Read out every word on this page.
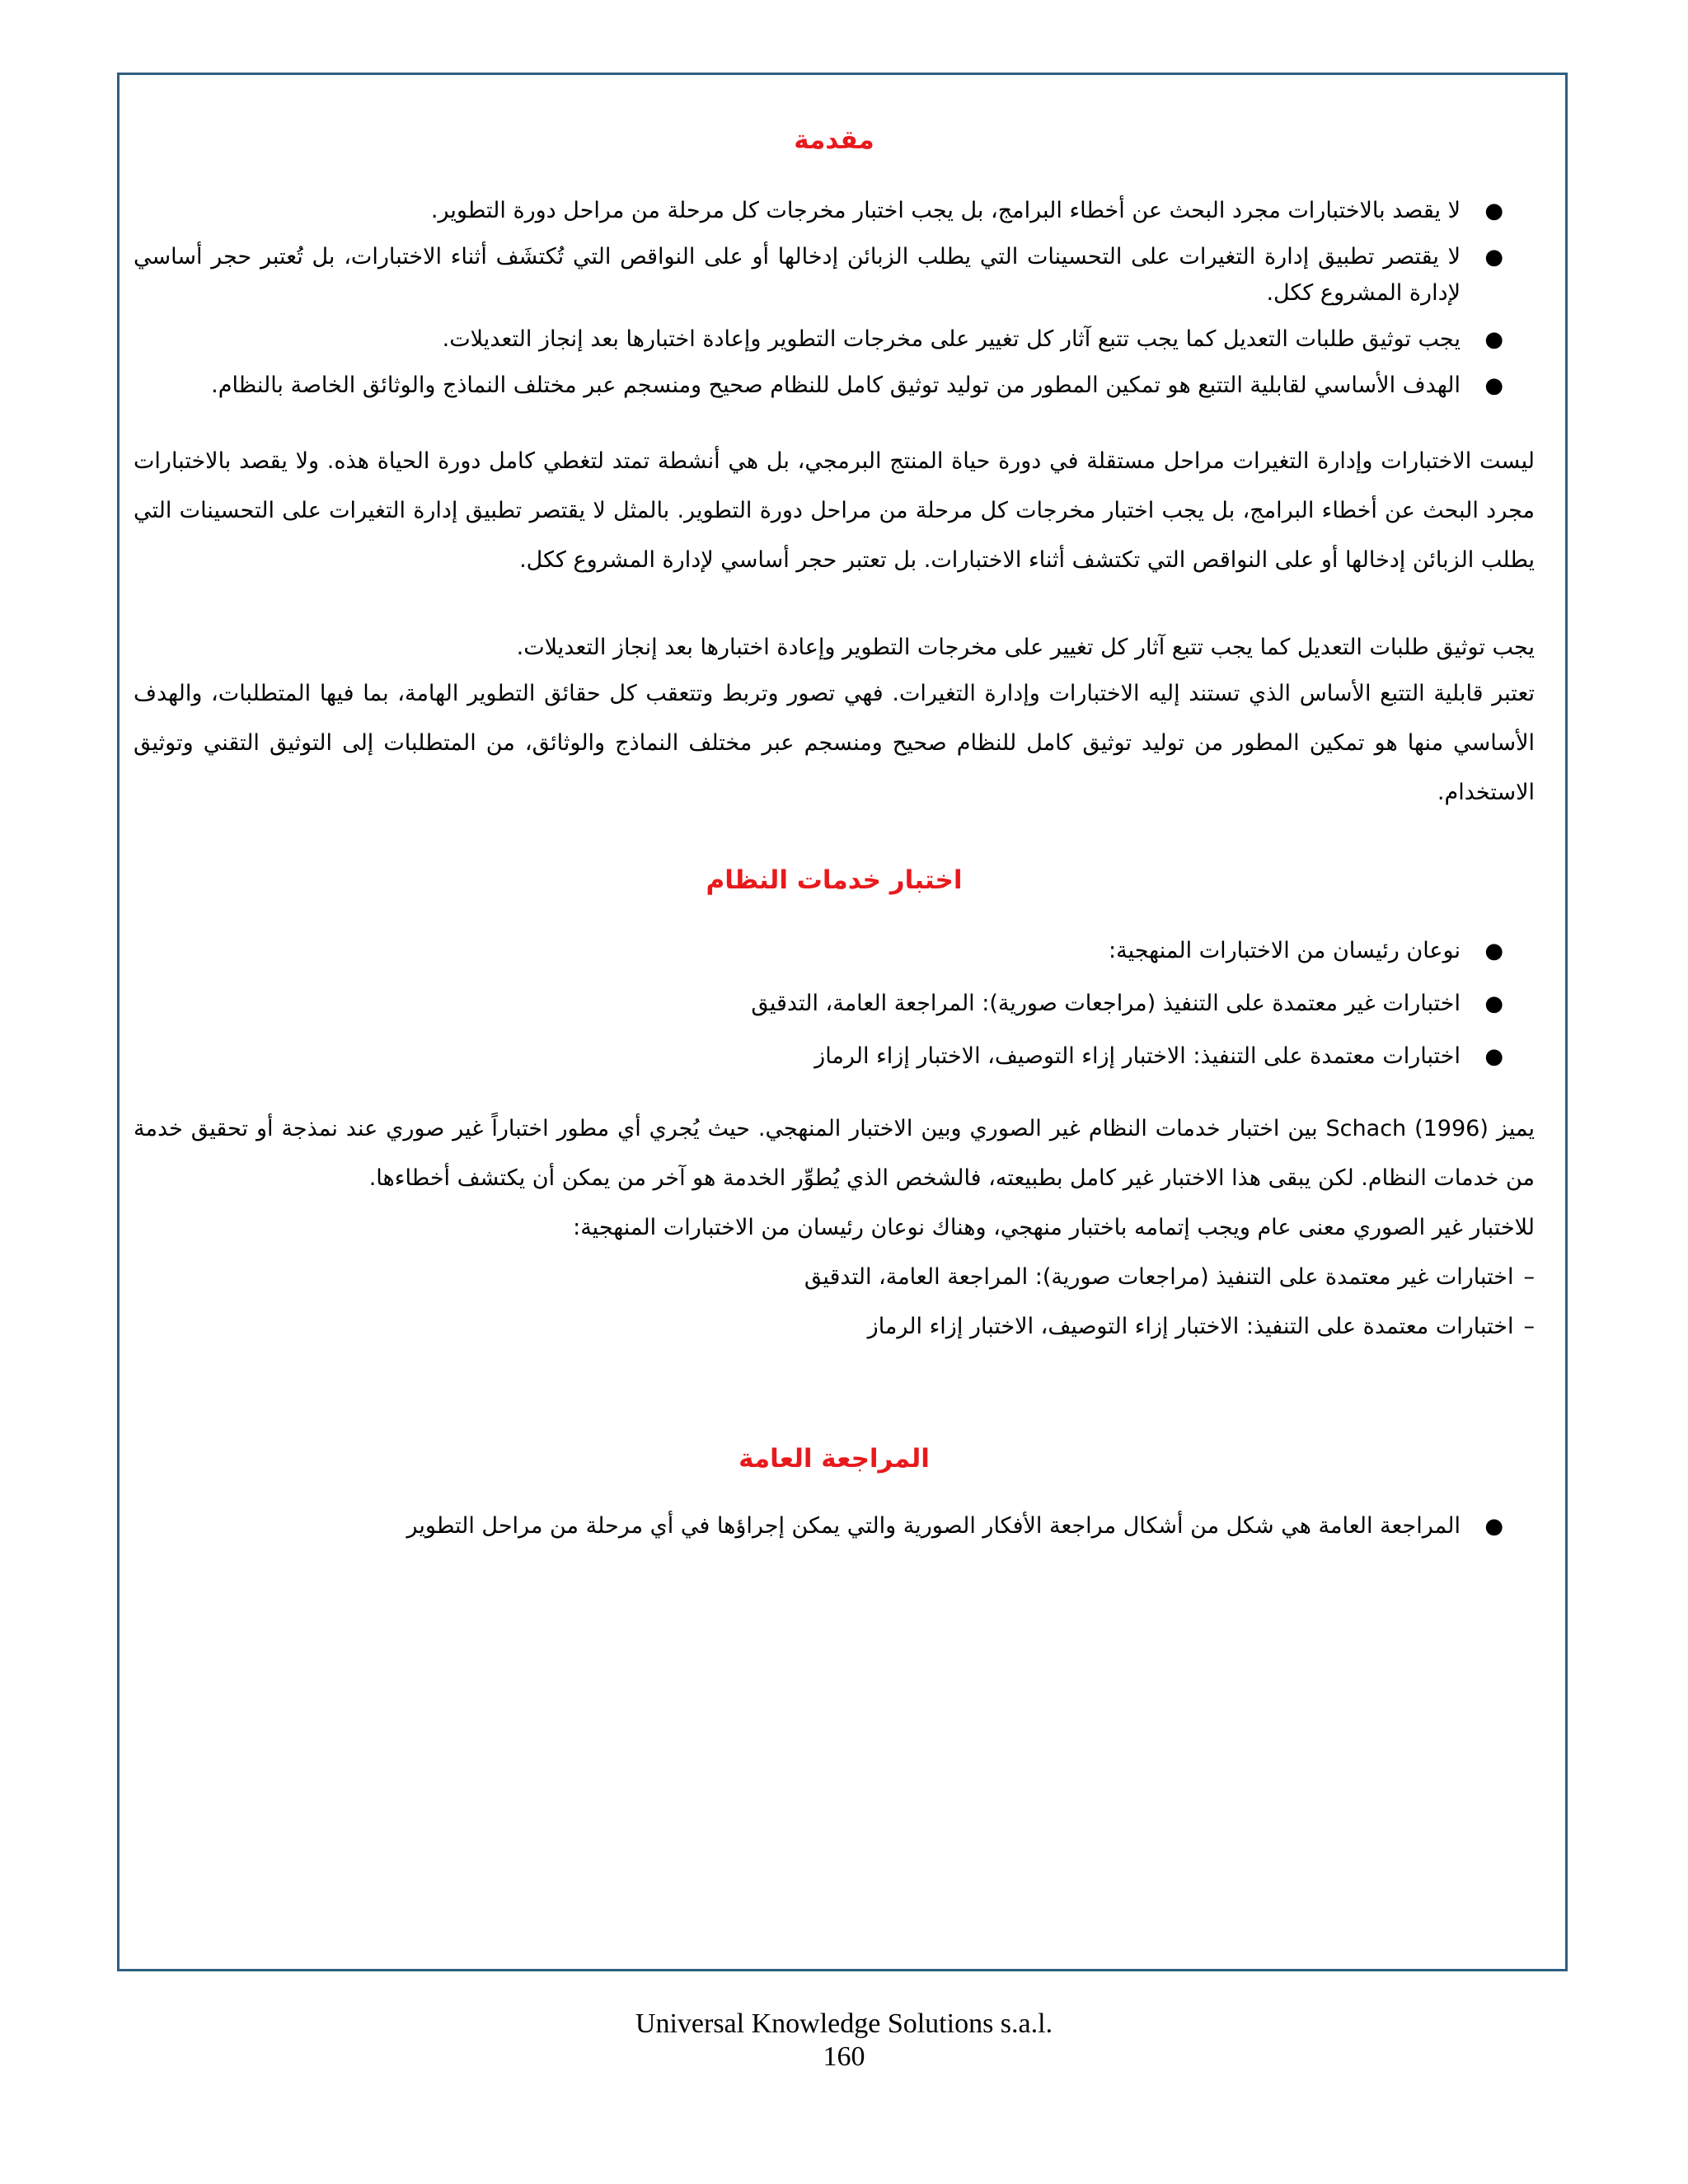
مقدمة
●
لا يقصد بالاختبارات مجرد البحث عن أخطاء البرامج، بل يجب اختبار مخرجات كل مرحلة من مراحل دورة التطوير.
●
لا يقتصر تطبيق إدارة التغيرات على التحسينات التي يطلب الزبائن إدخالها أو على النواقص التي تُكتشَف أثناء الاختبارات، بل تُعتبر حجر أساسي لإدارة المشروع ككل.
●
يجب توثيق طلبات التعديل كما يجب تتبع آثار كل تغيير على مخرجات التطوير وإعادة اختبارها بعد إنجاز التعديلات.
●
الهدف الأساسي لقابلية التتبع هو تمكين المطور من توليد توثيق كامل للنظام صحيح ومنسجم عبر مختلف النماذج والوثائق الخاصة بالنظام.

ليست الاختبارات وإدارة التغيرات مراحل مستقلة في دورة حياة المنتج البرمجي، بل هي أنشطة تمتد لتغطي كامل دورة الحياة هذه. ولا يقصد بالاختبارات مجرد البحث عن أخطاء البرامج، بل يجب اختبار مخرجات كل مرحلة من مراحل دورة التطوير. بالمثل لا يقتصر تطبيق إدارة التغيرات على التحسينات التي يطلب الزبائن إدخالها أو على النواقص التي تكتشف أثناء الاختبارات. بل تعتبر حجر أساسي لإدارة المشروع ككل.

يجب توثيق طلبات التعديل كما يجب تتبع آثار كل تغيير على مخرجات التطوير وإعادة اختبارها بعد إنجاز التعديلات.

تعتبر قابلية التتبع الأساس الذي تستند إليه الاختبارات وإدارة التغيرات. فهي تصور وتربط وتتعقب كل حقائق التطوير الهامة، بما فيها المتطلبات، والهدف الأساسي منها هو تمكين المطور من توليد توثيق كامل للنظام صحيح ومنسجم عبر مختلف النماذج والوثائق، من المتطلبات إلى التوثيق التقني وتوثيق الاستخدام.

اختبار خدمات النظام
●
نوعان رئيسان من الاختبارات المنهجية:
●
اختبارات غير معتمدة على التنفيذ (مراجعات صورية): المراجعة العامة، التدقيق
●
اختبارات معتمدة على التنفيذ: الاختبار إزاء التوصيف، الاختبار إزاء الرماز

يميز Schach (1996) بين اختبار خدمات النظام غير الصوري وبين الاختبار المنهجي. حيث يُجري أي مطور اختباراً غير صوري عند نمذجة أو تحقيق خدمة من خدمات النظام. لكن يبقى هذا الاختبار غير كامل بطبيعته، فالشخص الذي يُطوِّر الخدمة هو آخر من يمكن أن يكتشف أخطاءها.

للاختبار غير الصوري معنى عام ويجب إتمامه باختبار منهجي، وهناك نوعان رئيسان من الاختبارات المنهجية:

–اختبارات غير معتمدة على التنفيذ (مراجعات صورية): المراجعة العامة، التدقيق
–اختبارات معتمدة على التنفيذ: الاختبار إزاء التوصيف، الاختبار إزاء الرماز
المراجعة العامة
●
المراجعة العامة هي شكل من أشكال مراجعة الأفكار الصورية والتي يمكن إجراؤها في أي مرحلة من مراحل التطوير
Universal Knowledge Solutions s.a.l.
160
